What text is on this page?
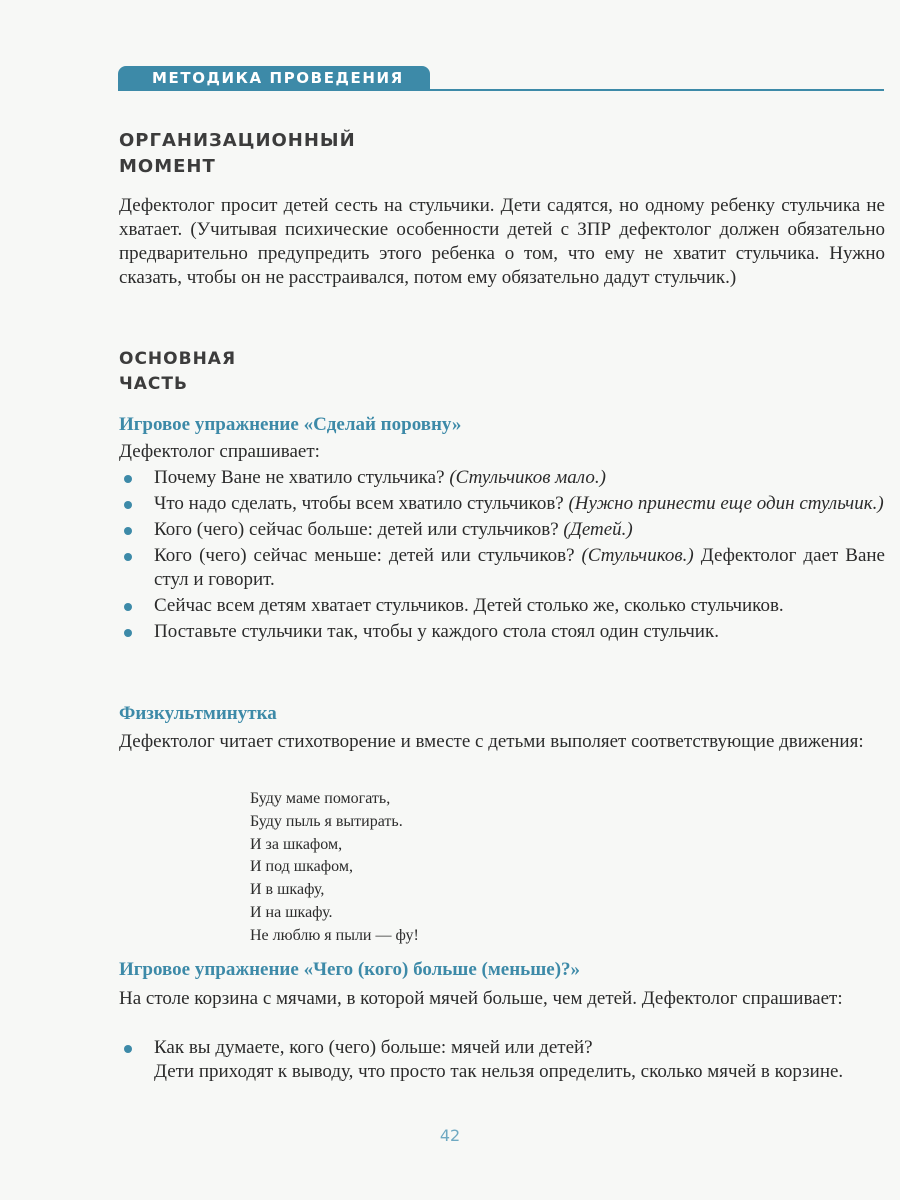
МЕТОДИКА ПРОВЕДЕНИЯ
ОРГАНИЗАЦИОННЫЙ
МОМЕНТ
Дефектолог просит детей сесть на стульчики. Дети садятся, но одному ребенку стульчика не хватает. (Учитывая психические особенности детей с ЗПР дефектолог должен обязательно предварительно предупредить этого ребенка о том, что ему не хватит стульчика. Нужно сказать, чтобы он не расстраивался, потом ему обязательно дадут стульчик.)
ОСНОВНАЯ
ЧАСТЬ
Игровое упражнение «Сделай поровну»
Дефектолог спрашивает:
Почему Ване не хватило стульчика? (Стульчиков мало.)
Что надо сделать, чтобы всем хватило стульчиков? (Нужно принести еще один стульчик.)
Кого (чего) сейчас больше: детей или стульчиков? (Детей.)
Кого (чего) сейчас меньше: детей или стульчиков? (Стульчиков.) Дефектолог дает Ване стул и говорит.
Сейчас всем детям хватает стульчиков. Детей столько же, сколько стульчиков.
Поставьте стульчики так, чтобы у каждого стола стоял один стульчик.
Физкультминутка
Дефектолог читает стихотворение и вместе с детьми выполяет соответствующие движения:
Буду маме помогать,
Буду пыль я вытирать.
И за шкафом,
И под шкафом,
И в шкафу,
И на шкафу.
Не люблю я пыли — фу!
Игровое упражнение «Чего (кого) больше (меньше)?»
На столе корзина с мячами, в которой мячей больше, чем детей. Дефектолог спрашивает:
Как вы думаете, кого (чего) больше: мячей или детей?
Дети приходят к выводу, что просто так нельзя определить, сколько мячей в корзине.
42
